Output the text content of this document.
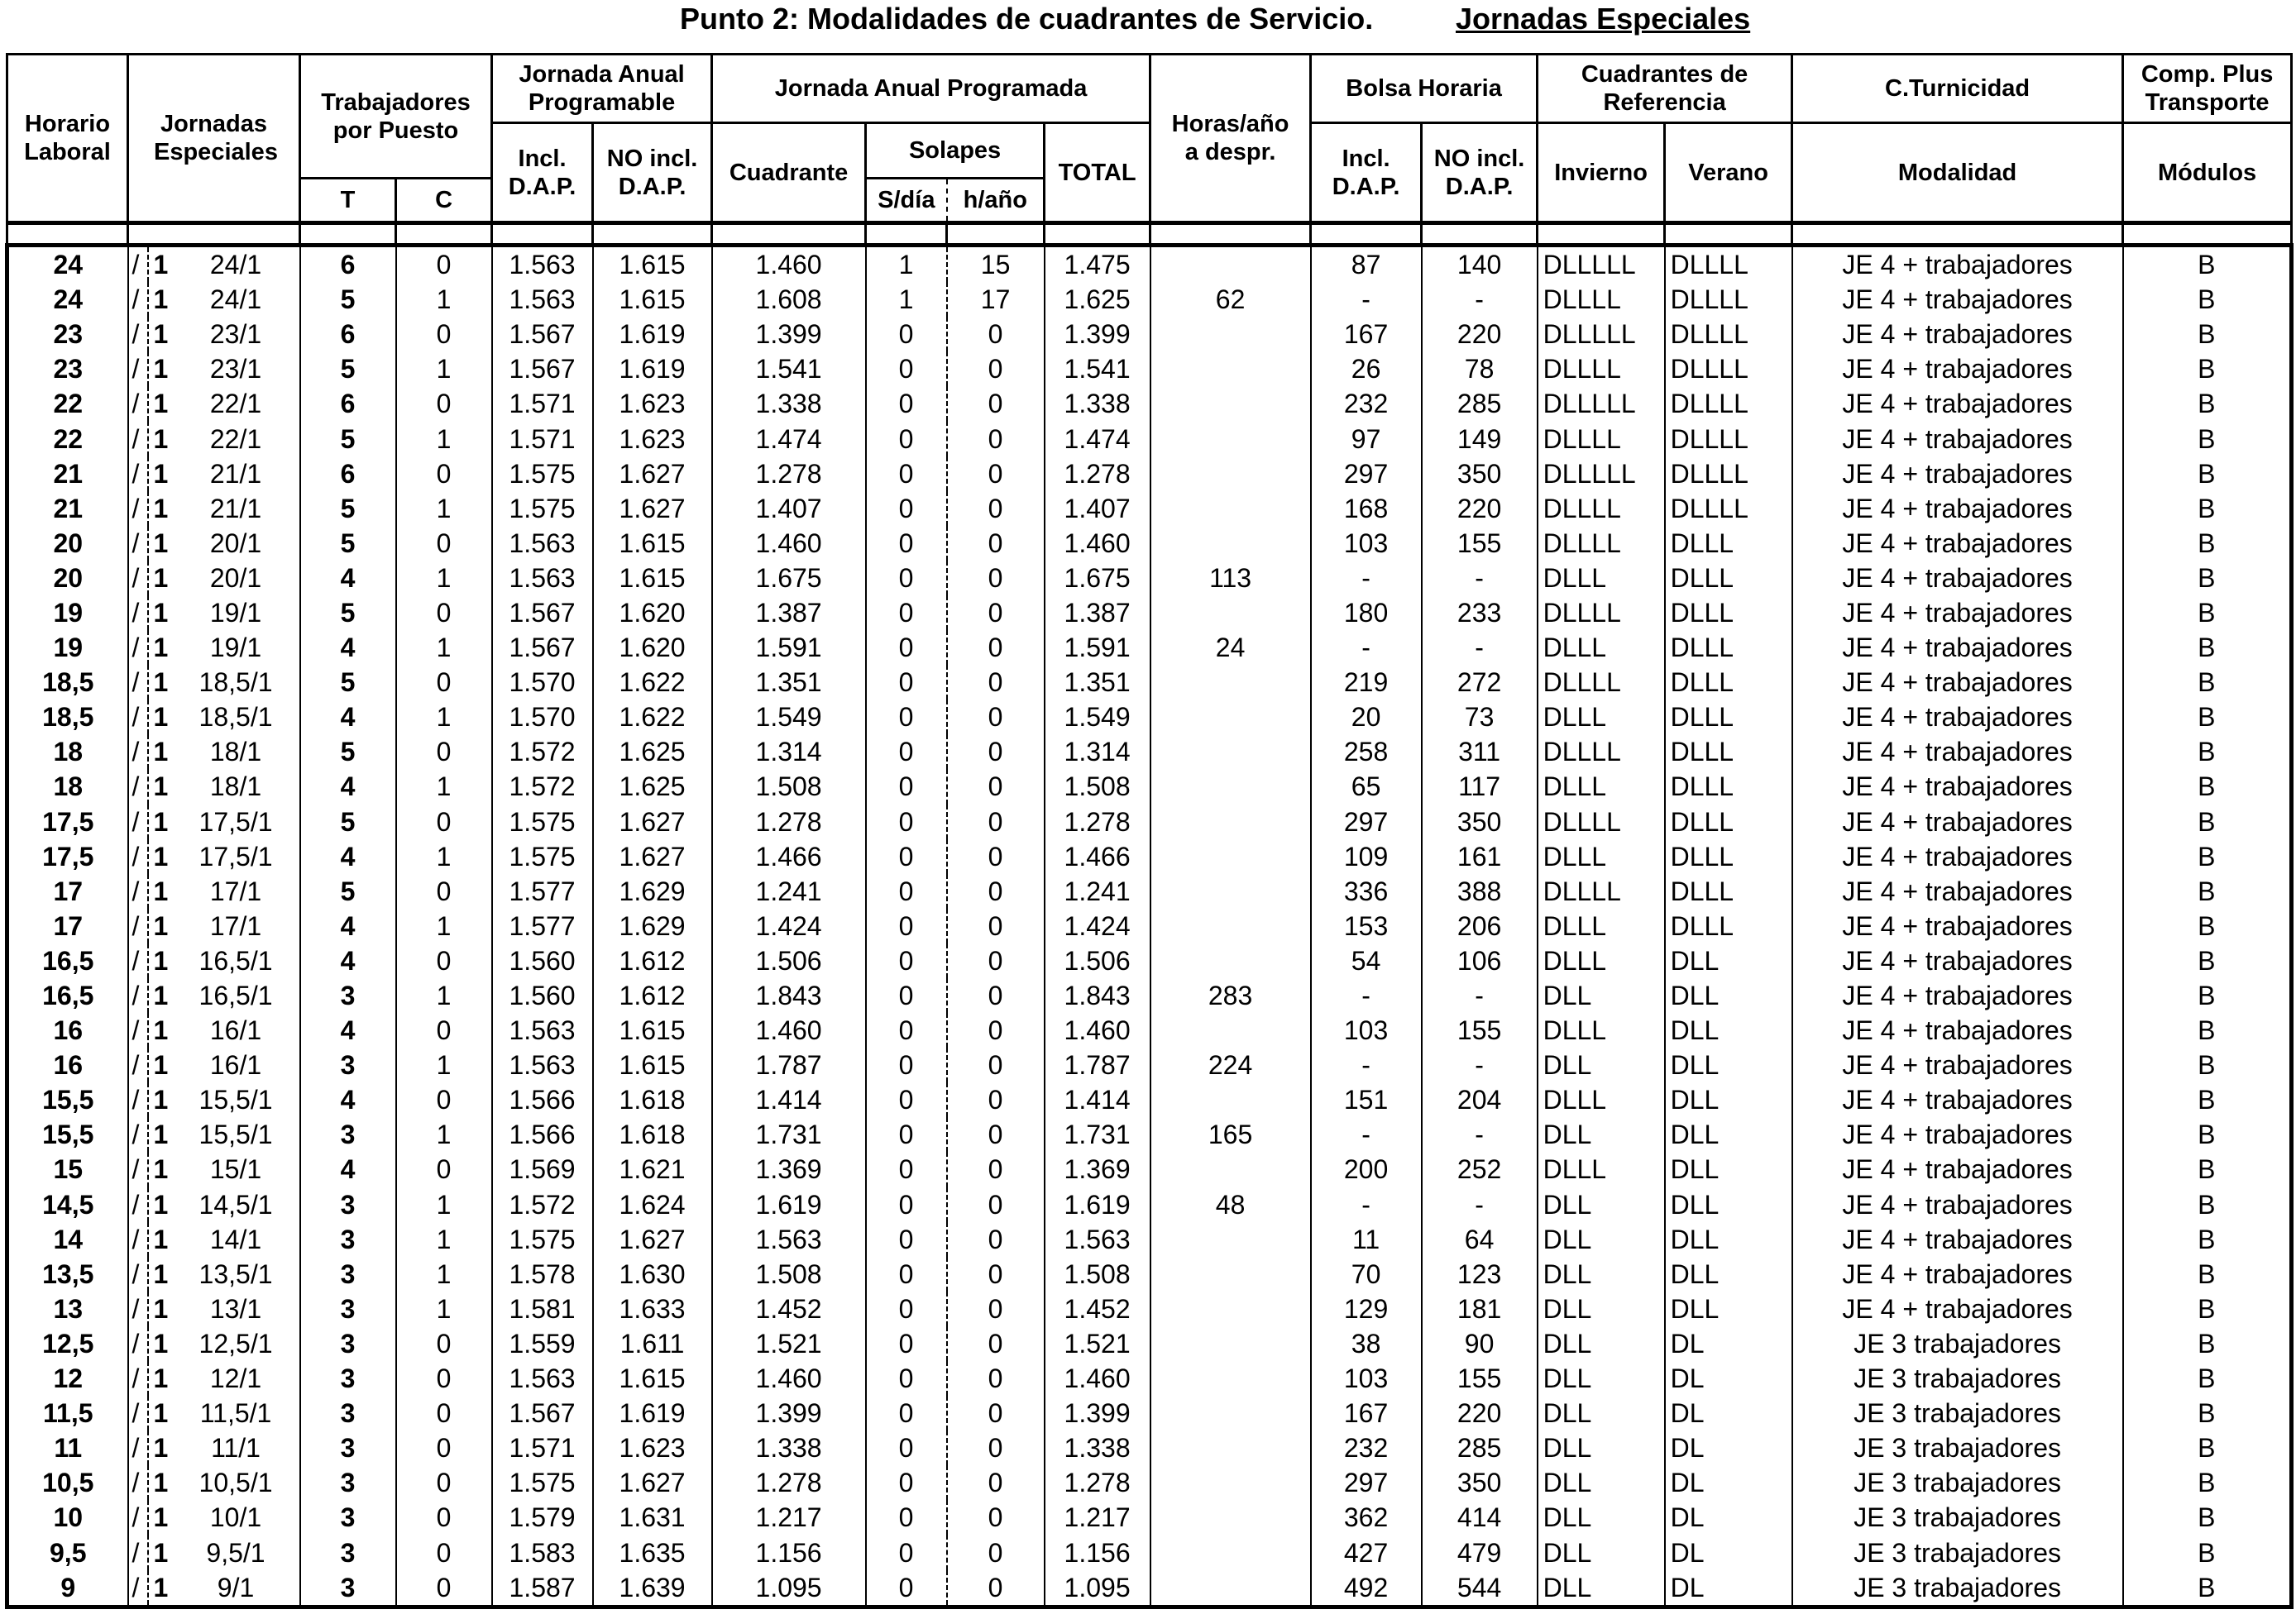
Punto 2: Modalidades de cuadrantes de Servicio.	Jornadas Especiales
Horario Laboral	Jornadas Especiales			Trabajadores por Puesto		Jornada Anual Programable		Jornada Anual Programada				Horas/año a despr.	Bolsa Horaria		Cuadrantes de Referencia		C.Turnicidad	Comp. Plus Transporte

						Incl. D.A.P.	NO incl. D.A.P.	Cuadrante	Solapes		TOTAL		Incl. D.A.P.	NO incl. D.A.P.	Invierno	Verano	Modalidad	Módulos
				T	C				S/día	h/año								

24	/	1	24/1	6	0	1.563	1.615	1.460	1	15	1.475		87	140	DLLLLL	DLLLL	JE 4 + trabajadores	B
24	/	1	24/1	5	1	1.563	1.615	1.608	1	17	1.625	62	-	-	DLLLL	DLLLL	JE 4 + trabajadores	B
23	/	1	23/1	6	0	1.567	1.619	1.399	0	0	1.399		167	220	DLLLLL	DLLLL	JE 4 + trabajadores	B
23	/	1	23/1	5	1	1.567	1.619	1.541	0	0	1.541		26	78	DLLLL	DLLLL	JE 4 + trabajadores	B
22	/	1	22/1	6	0	1.571	1.623	1.338	0	0	1.338		232	285	DLLLLL	DLLLL	JE 4 + trabajadores	B
22	/	1	22/1	5	1	1.571	1.623	1.474	0	0	1.474		97	149	DLLLL	DLLLL	JE 4 + trabajadores	B
21	/	1	21/1	6	0	1.575	1.627	1.278	0	0	1.278		297	350	DLLLLL	DLLLL	JE 4 + trabajadores	B
21	/	1	21/1	5	1	1.575	1.627	1.407	0	0	1.407		168	220	DLLLL	DLLLL	JE 4 + trabajadores	B
20	/	1	20/1	5	0	1.563	1.615	1.460	0	0	1.460		103	155	DLLLL	DLLL	JE 4 + trabajadores	B
20	/	1	20/1	4	1	1.563	1.615	1.675	0	0	1.675	113	-	-	DLLL	DLLL	JE 4 + trabajadores	B
19	/	1	19/1	5	0	1.567	1.620	1.387	0	0	1.387		180	233	DLLLL	DLLL	JE 4 + trabajadores	B
19	/	1	19/1	4	1	1.567	1.620	1.591	0	0	1.591	24	-	-	DLLL	DLLL	JE 4 + trabajadores	B
18,5	/	1	18,5/1	5	0	1.570	1.622	1.351	0	0	1.351		219	272	DLLLL	DLLL	JE 4 + trabajadores	B
18,5	/	1	18,5/1	4	1	1.570	1.622	1.549	0	0	1.549		20	73	DLLL	DLLL	JE 4 + trabajadores	B
18	/	1	18/1	5	0	1.572	1.625	1.314	0	0	1.314		258	311	DLLLL	DLLL	JE 4 + trabajadores	B
18	/	1	18/1	4	1	1.572	1.625	1.508	0	0	1.508		65	117	DLLL	DLLL	JE 4 + trabajadores	B
17,5	/	1	17,5/1	5	0	1.575	1.627	1.278	0	0	1.278		297	350	DLLLL	DLLL	JE 4 + trabajadores	B
17,5	/	1	17,5/1	4	1	1.575	1.627	1.466	0	0	1.466		109	161	DLLL	DLLL	JE 4 + trabajadores	B
17	/	1	17/1	5	0	1.577	1.629	1.241	0	0	1.241		336	388	DLLLL	DLLL	JE 4 + trabajadores	B
17	/	1	17/1	4	1	1.577	1.629	1.424	0	0	1.424		153	206	DLLL	DLLL	JE 4 + trabajadores	B
16,5	/	1	16,5/1	4	0	1.560	1.612	1.506	0	0	1.506		54	106	DLLL	DLL	JE 4 + trabajadores	B
16,5	/	1	16,5/1	3	1	1.560	1.612	1.843	0	0	1.843	283	-	-	DLL	DLL	JE 4 + trabajadores	B
16	/	1	16/1	4	0	1.563	1.615	1.460	0	0	1.460		103	155	DLLL	DLL	JE 4 + trabajadores	B
16	/	1	16/1	3	1	1.563	1.615	1.787	0	0	1.787	224	-	-	DLL	DLL	JE 4 + trabajadores	B
15,5	/	1	15,5/1	4	0	1.566	1.618	1.414	0	0	1.414		151	204	DLLL	DLL	JE 4 + trabajadores	B
15,5	/	1	15,5/1	3	1	1.566	1.618	1.731	0	0	1.731	165	-	-	DLL	DLL	JE 4 + trabajadores	B
15	/	1	15/1	4	0	1.569	1.621	1.369	0	0	1.369		200	252	DLLL	DLL	JE 4 + trabajadores	B
14,5	/	1	14,5/1	3	1	1.572	1.624	1.619	0	0	1.619	48	-	-	DLL	DLL	JE 4 + trabajadores	B
14	/	1	14/1	3	1	1.575	1.627	1.563	0	0	1.563		11	64	DLL	DLL	JE 4 + trabajadores	B
13,5	/	1	13,5/1	3	1	1.578	1.630	1.508	0	0	1.508		70	123	DLL	DLL	JE 4 + trabajadores	B
13	/	1	13/1	3	1	1.581	1.633	1.452	0	0	1.452		129	181	DLL	DLL	JE 4 + trabajadores	B
12,5	/	1	12,5/1	3	0	1.559	1.611	1.521	0	0	1.521		38	90	DLL	DL	JE 3 trabajadores	B
12	/	1	12/1	3	0	1.563	1.615	1.460	0	0	1.460		103	155	DLL	DL	JE 3 trabajadores	B
11,5	/	1	11,5/1	3	0	1.567	1.619	1.399	0	0	1.399		167	220	DLL	DL	JE 3 trabajadores	B
11	/	1	11/1	3	0	1.571	1.623	1.338	0	0	1.338		232	285	DLL	DL	JE 3 trabajadores	B
10,5	/	1	10,5/1	3	0	1.575	1.627	1.278	0	0	1.278		297	350	DLL	DL	JE 3 trabajadores	B
10	/	1	10/1	3	0	1.579	1.631	1.217	0	0	1.217		362	414	DLL	DL	JE 3 trabajadores	B
9,5	/	1	9,5/1	3	0	1.583	1.635	1.156	0	0	1.156		427	479	DLL	DL	JE 3 trabajadores	B
9	/	1	9/1	3	0	1.587	1.639	1.095	0	0	1.095		492	544	DLL	DL	JE 3 trabajadores	B
